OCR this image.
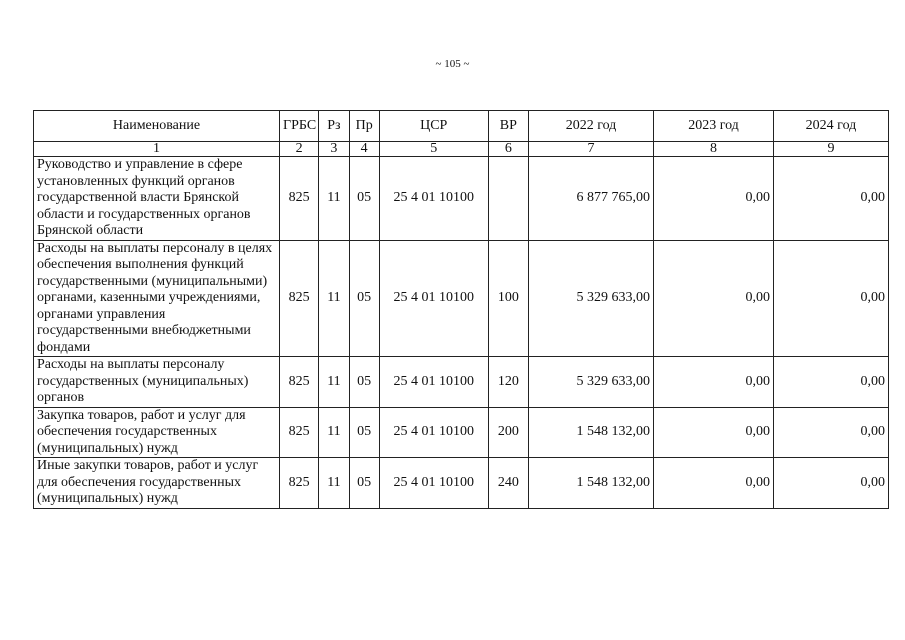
~ 105 ~
Наименование	ГРБС	Рз	Пр	ЦСР	ВР	2022 год	2023 год	2024 год
1	2	3	4	5	6	7	8	9
Руководство и управление в сфере установленных функций органов государственной власти Брянской области и государственных органов Брянской области	825	11	05	25 4 01 10100		6 877 765,00	0,00	0,00
Расходы на выплаты персоналу в целях обеспечения выполнения функций государственными (муниципальными) органами, казенными учреждениями, органами управления государственными внебюджетными фондами	825	11	05	25 4 01 10100	100	5 329 633,00	0,00	0,00
Расходы на выплаты персоналу государственных (муниципальных) органов	825	11	05	25 4 01 10100	120	5 329 633,00	0,00	0,00
Закупка товаров, работ и услуг для обеспечения государственных (муниципальных) нужд	825	11	05	25 4 01 10100	200	1 548 132,00	0,00	0,00
Иные закупки товаров, работ и услуг для обеспечения государственных (муниципальных) нужд	825	11	05	25 4 01 10100	240	1 548 132,00	0,00	0,00
